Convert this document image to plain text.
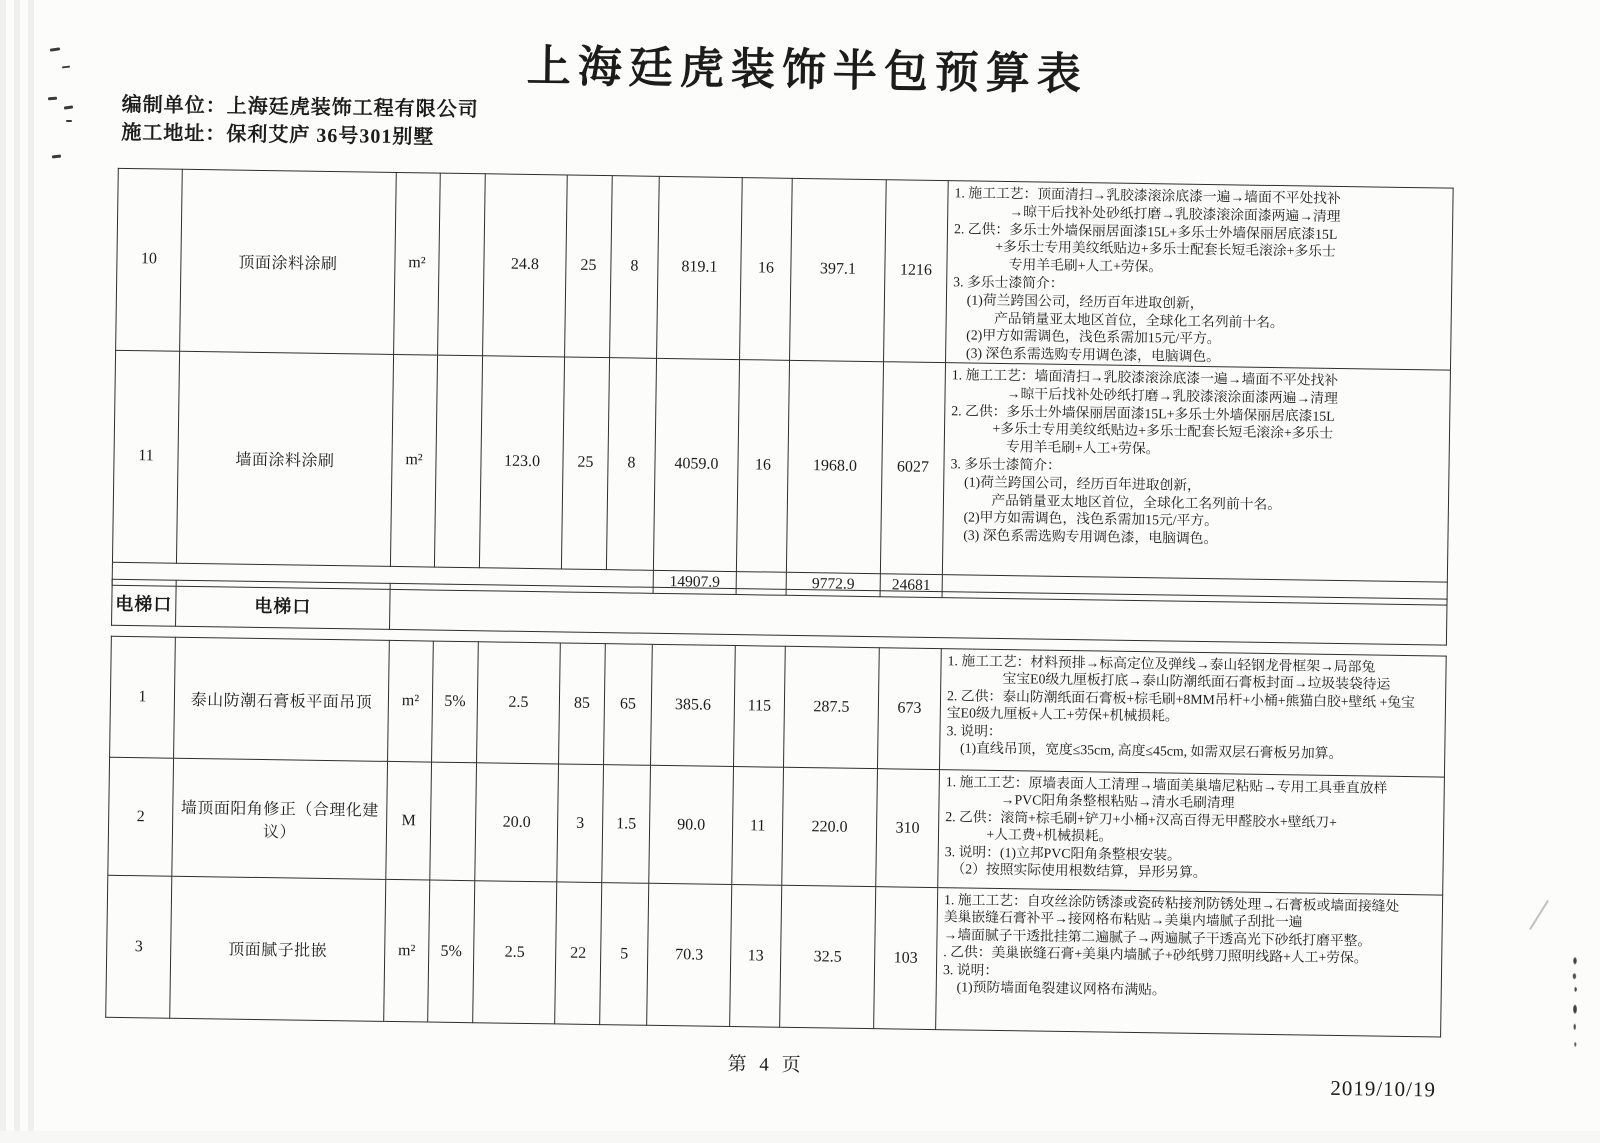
上海廷虎装饰半包预算表
编制单位：上海廷虎装饰工程有限公司
施工地址：保利艾庐 36号301别墅
10	顶面涂料涂刷	m²		24.8	25	8	819.1	16	397.1	1216	
1. 施工工艺：顶面清扫→乳胶漆滚涂底漆一遍→墙面不平处找补
　　　　→晾干后找补处砂纸打磨→乳胶漆滚涂面漆两遍→清理
2. 乙供：多乐士外墙保丽居面漆15L+多乐士外墙保丽居底漆15L
　　　+多乐士专用美纹纸贴边+多乐士配套长短毛滚涂+多乐士
　　　　专用羊毛刷+人工+劳保。
3. 多乐士漆简介：
　(1)荷兰跨国公司，经历百年进取创新，
　　　产品销量亚太地区首位，全球化工名列前十名。
　(2)甲方如需调色，浅色系需加15元/平方。
　(3) 深色系需选购专用调色漆，电脑调色。

11	墙面涂料涂刷	m²		123.0	25	8	4059.0	16	1968.0	6027	
1. 施工工艺：墙面清扫→乳胶漆滚涂底漆一遍→墙面不平处找补
　　　　→晾干后找补处砂纸打磨→乳胶漆滚涂面漆两遍→清理
2. 乙供：多乐士外墙保丽居面漆15L+多乐士外墙保丽居底漆15L
　　　+多乐士专用美纹纸贴边+多乐士配套长短毛滚涂+多乐士
　　　　专用羊毛刷+人工+劳保。
3. 多乐士漆简介：
　(1)荷兰跨国公司，经历百年进取创新，
　　　产品销量亚太地区首位，全球化工名列前十名。
　(2)甲方如需调色，浅色系需加15元/平方。
　(3) 深色系需选购专用调色漆，电脑调色。

							14907.9		9772.9	24681	
电梯口	电梯口	
1	泰山防潮石膏板平面吊顶	m²	5%	2.5	85	65	385.6	115	287.5	673	
1. 施工工艺：材料预排→标高定位及弹线→泰山轻钢龙骨框架→局部兔
　　　　宝宝E0级九厘板打底→泰山防潮纸面石膏板封面→垃圾装袋待运
2. 乙供：泰山防潮纸面石膏板+棕毛刷+8MM吊杆+小桶+熊猫白胶+壁纸 +兔宝
宝E0级九厘板+人工+劳保+机械损耗。
3. 说明：
　(1)直线吊顶，宽度≤35cm, 高度≤45cm, 如需双层石膏板另加算。

2	墙顶面阳角修正（合理化建议）	M		20.0	3	1.5	90.0	11	220.0	310	
1. 施工工艺：原墙表面人工清理→墙面美巢墙尼粘贴→专用工具垂直放样
　　　　→PVC阳角条整根粘贴→清水毛刷清理
2. 乙供：滚筒+棕毛刷+铲刀+小桶+汉高百得无甲醛胶水+壁纸刀+
　　　+人工费+机械损耗。
3. 说明：(1)立邦PVC阳角条整根安装。
　（2）按照实际使用根数结算，异形另算。

3	顶面腻子批嵌	m²	5%	2.5	22	5	70.3	13	32.5	103	
1. 施工工艺：自攻丝涂防锈漆或瓷砖粘接剂防锈处理→石膏板或墙面接缝处
美巢嵌缝石膏补平→接网格布粘贴→美巢内墙腻子刮批一遍
→墙面腻子干透批挂第二遍腻子→两遍腻子干透高光下砂纸打磨平整。
. 乙供：美巢嵌缝石膏+美巢内墙腻子+砂纸劈刀照明线路+人工+劳保。
3. 说明：
　(1)预防墙面龟裂建议网格布满贴。
第 4 页
2019/10/19
